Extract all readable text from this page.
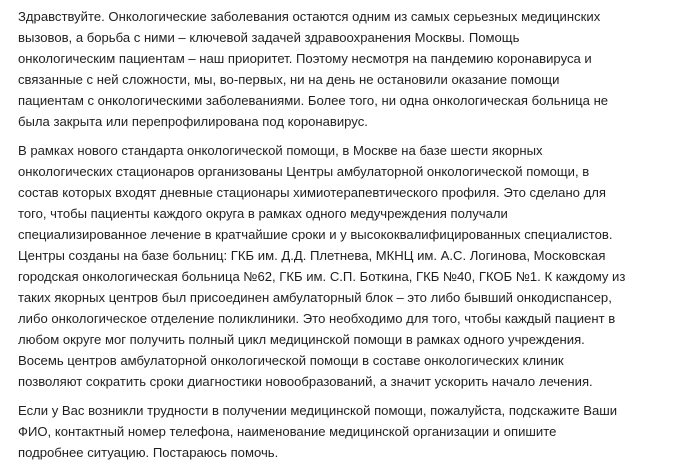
Здравствуйте. Онкологические заболевания остаются одним из самых серьезных медицинских
вызовов, а борьба с ними – ключевой задачей здравоохранения Москвы. Помощь
онкологическим пациентам – наш приоритет. Поэтому несмотря на пандемию коронавируса и
связанные с ней сложности, мы, во-первых, ни на день не остановили оказание помощи
пациентам с онкологическими заболеваниями. Более того, ни одна онкологическая больница не
была закрыта или перепрофилирована под коронавирус.

В рамках нового стандарта онкологической помощи, в Москве на базе шести якорных
онкологических стационаров организованы Центры амбулаторной онкологической помощи, в
состав которых входят дневные стационары химиотерапевтического профиля. Это сделано для
того, чтобы пациенты каждого округа в рамках одного медучреждения получали
специализированное лечение в кратчайшие сроки и у высококвалифицированных специалистов.
Центры созданы на базе больниц: ГКБ им. Д.Д. Плетнева, МКНЦ им. А.С. Логинова, Московская
городская онкологическая больница №62, ГКБ им. С.П. Боткина, ГКБ №40, ГКОБ №1. К каждому из
таких якорных центров был присоединен амбулаторный блок – это либо бывший онкодиспансер,
либо онкологическое отделение поликлиники. Это необходимо для того, чтобы каждый пациент в
любом округе мог получить полный цикл медицинской помощи в рамках одного учреждения.
Восемь центров амбулаторной онкологической помощи в составе онкологических клиник
позволяют сократить сроки диагностики новообразований, а значит ускорить начало лечения.

Если у Вас возникли трудности в получении медицинской помощи, пожалуйста, подскажите Ваши
ФИО, контактный номер телефона, наименование медицинской организации и опишите
подробнее ситуацию. Постараюсь помочь.
